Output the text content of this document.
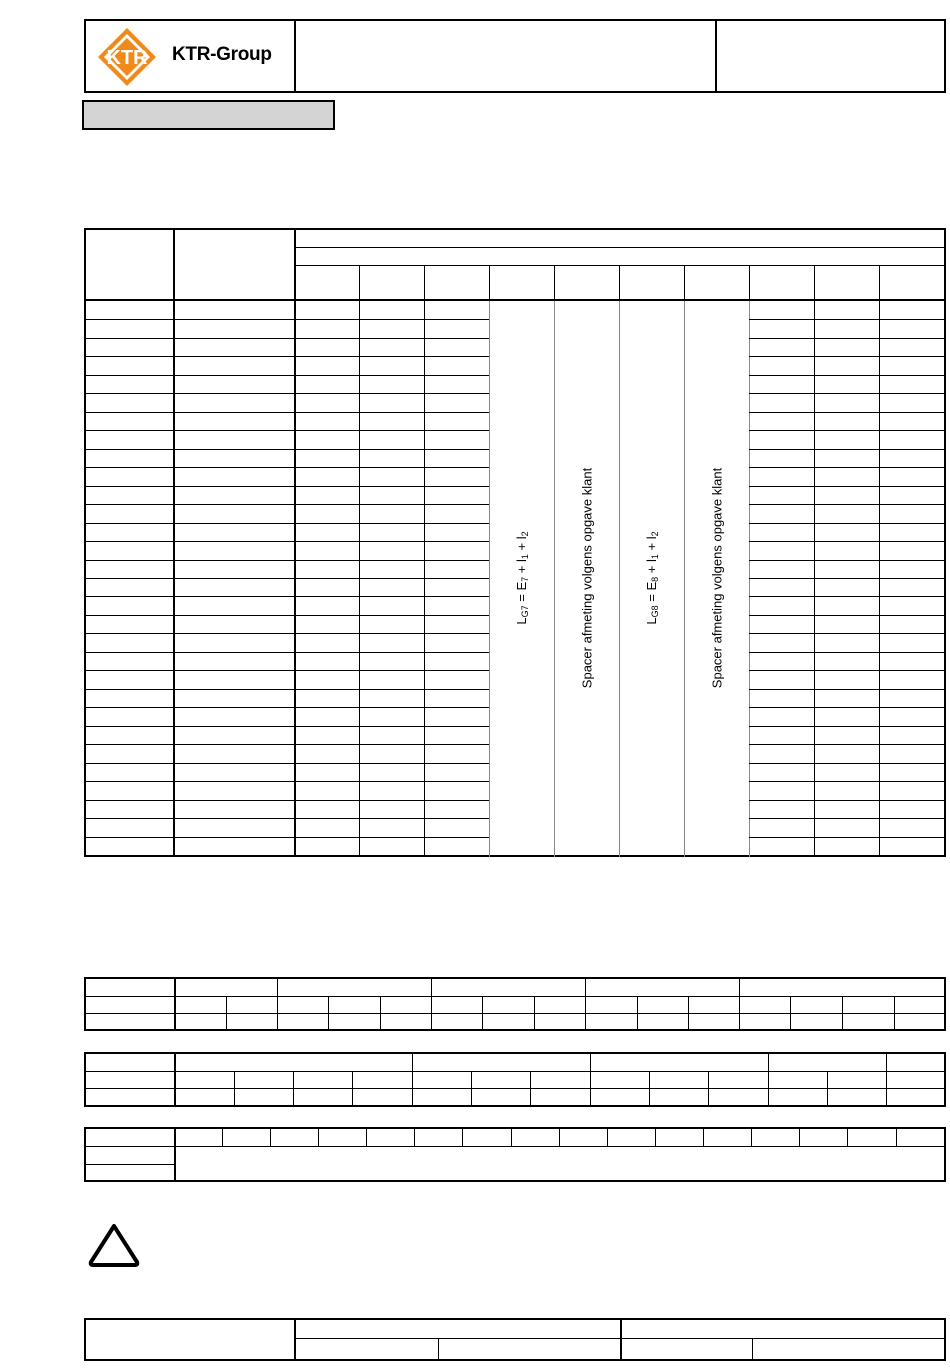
KTR KTR-Group
$L_{G7} = E_7 + l_1 + l_2$	Spacer afmeting volgens opgave klant	$L_{G8} = E_8 + l_1 + l_2$	Spacer afmeting volgens opgave klant
